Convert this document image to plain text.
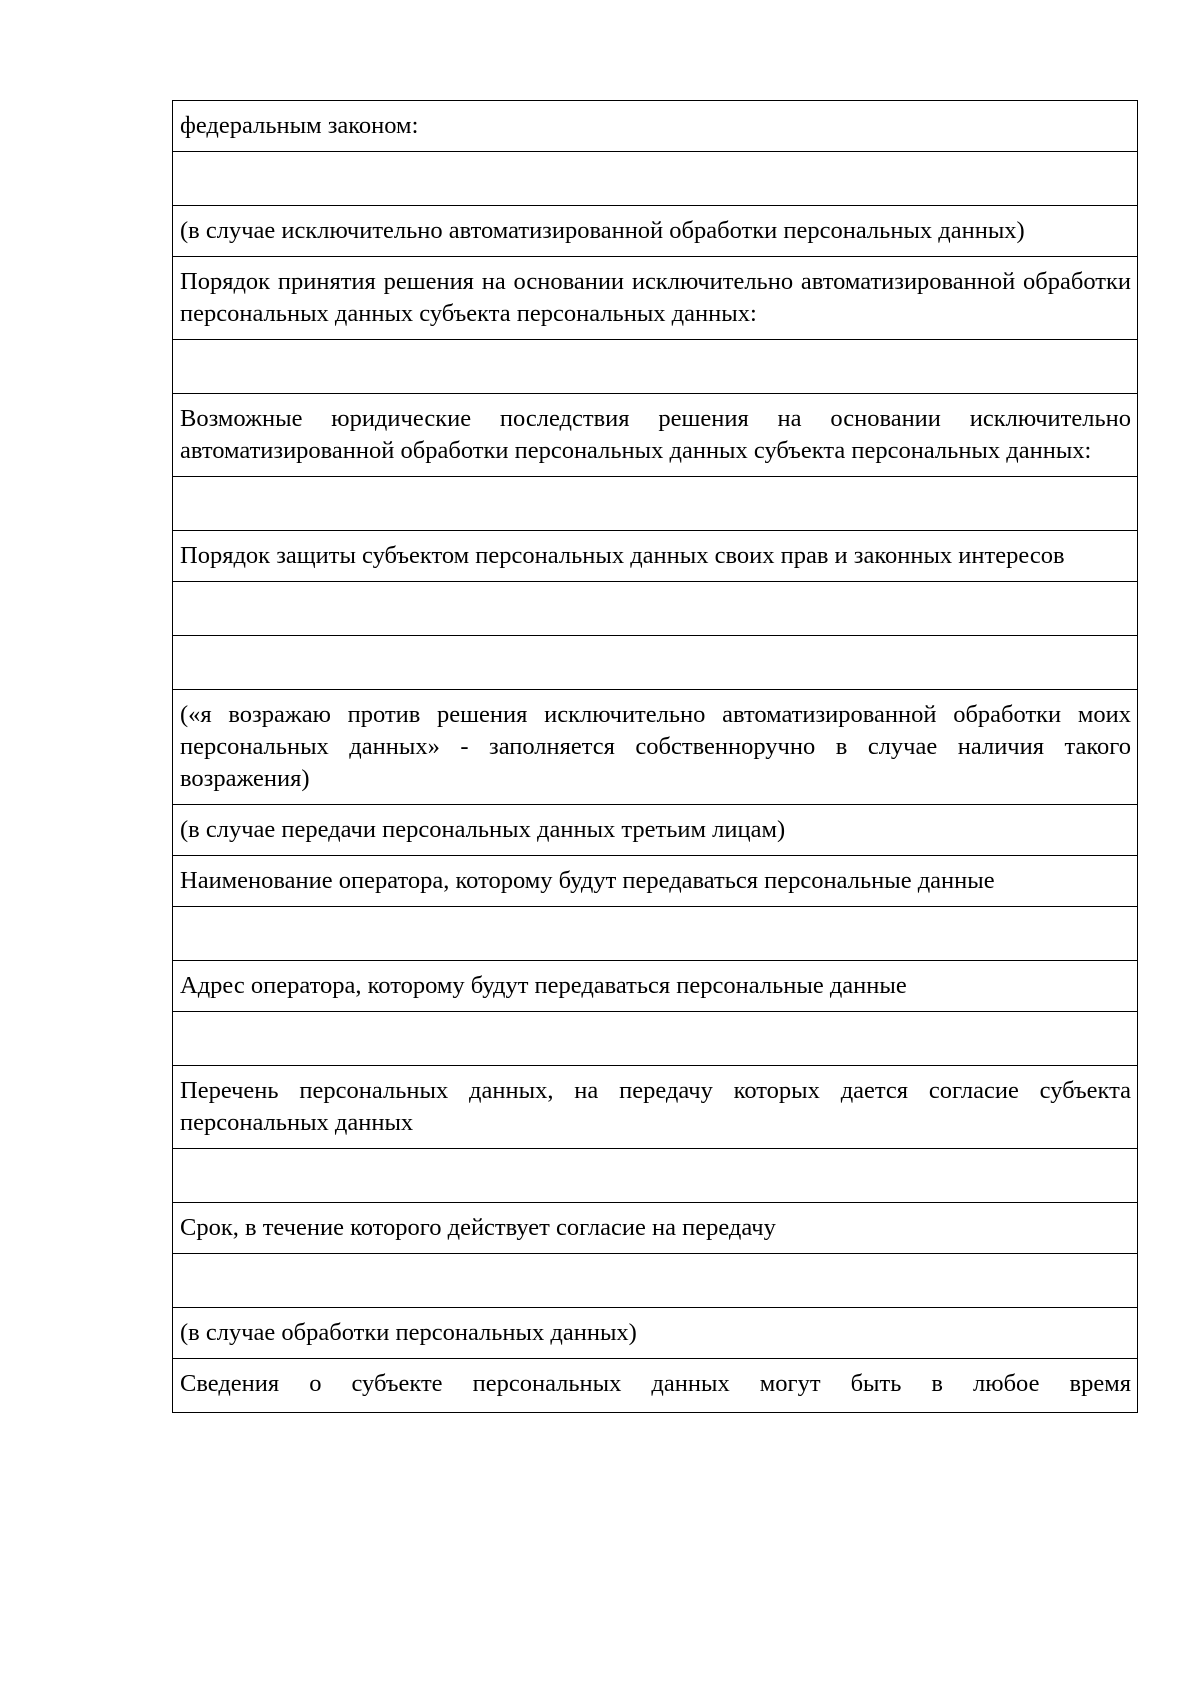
федеральным законом:

(в случае исключительно автоматизированной обработки персональных данных)
Порядок принятия решения на основании исключительно автоматизированной обработки персональных данных субъекта персональных данных:

Возможные юридические последствия решения на основании исключительно автоматизированной обработки персональных данных субъекта персональных данных:

Порядок защиты субъектом персональных данных своих прав и законных интересов

(«я возражаю против решения исключительно автоматизированной обработки моих персональных данных» - заполняется собственноручно в случае наличия такого возражения)
(в случае передачи персональных данных третьим лицам)
Наименование оператора, которому будут передаваться персональные данные

Адрес оператора, которому будут передаваться персональные данные

Перечень персональных данных, на передачу которых дается согласие субъекта персональных данных

Срок, в течение которого действует согласие на передачу

(в случае обработки персональных данных)
Сведения о субъекте персональных данных могут быть в любое время
